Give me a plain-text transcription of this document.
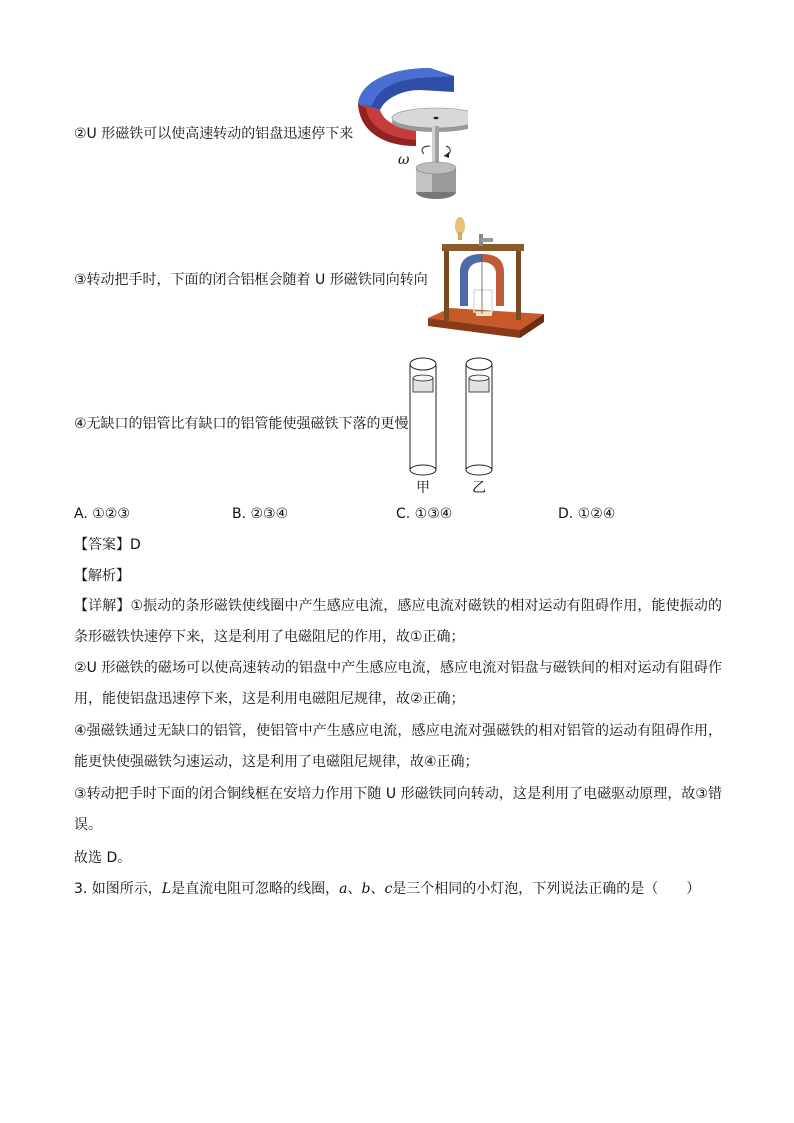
②U 形磁铁可以使高速转动的铝盘迅速停下来
ω
③转动把手时，下面的闭合铝框会随着 U 形磁铁同向转向
④无缺口的铝管比有缺口的铝管能使强磁铁下落的更慢
甲	乙
A. ①②③	B. ②③④	C. ①③④	D. ①②④
【答案】D
【解析】
【详解】①振动的条形磁铁使线圈中产生感应电流，感应电流对磁铁的相对运动有阻碍作用，能使振动的条形磁铁快速停下来，这是利用了电磁阻尼的作用，故①正确；
②U 形磁铁的磁场可以使高速转动的铝盘中产生感应电流，感应电流对铝盘与磁铁间的相对运动有阻碍作用，能使铝盘迅速停下来，这是利用电磁阻尼规律，故②正确；
④强磁铁通过无缺口的铝管，使铝管中产生感应电流，感应电流对强磁铁的相对铝管的运动有阻碍作用，能更快使强磁铁匀速运动，这是利用了电磁阻尼规律，故④正确；
③转动把手时下面的闭合铜线框在安培力作用下随 U 形磁铁同向转动，这是利用了电磁驱动原理，故③错误。
故选 D。
3. 如图所示，L是直流电阻可忽略的线圈，a、b、c是三个相同的小灯泡，下列说法正确的是（　　）
